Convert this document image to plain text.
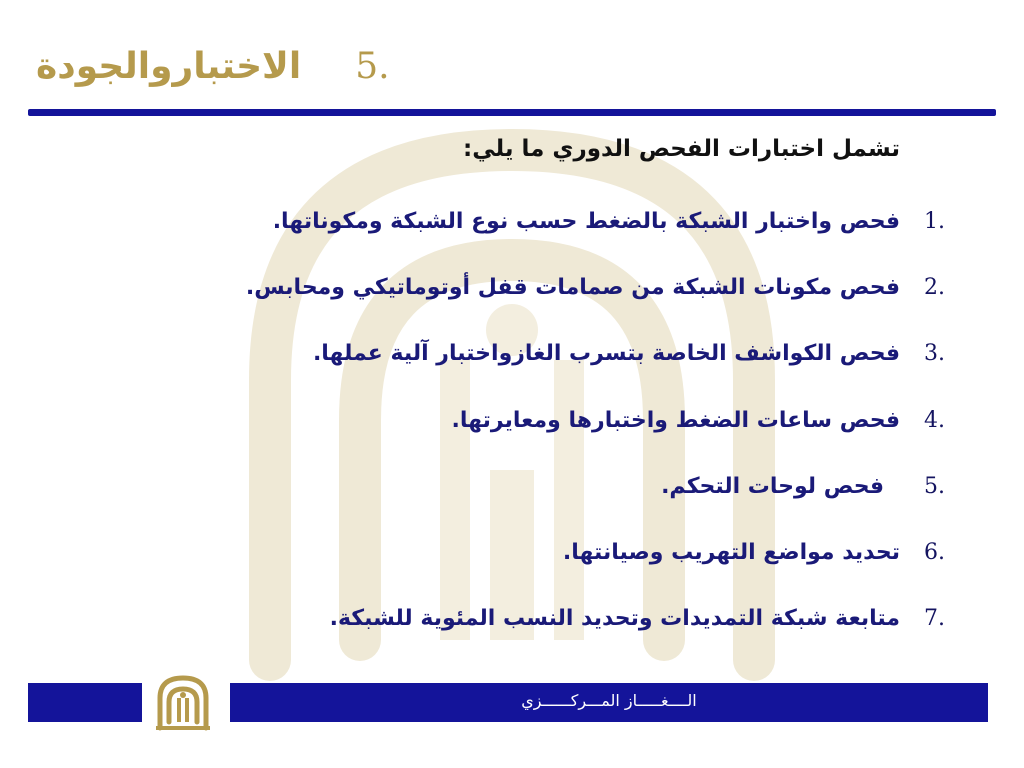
الاختباروالجودة 5.
تشمل اختبارات الفحص الدوري ما يلي:
1.
فحص واختبار الشبكة بالضغط حسب نوع الشبكة ومكوناتها.
2.
فحص مكونات الشبكة من صمامات قفل أوتوماتيكي ومحابس.
3.
فحص الكواشف الخاصة بتسرب الغازواختبار آلية عملها.
4.
فحص ساعات الضغط واختبارها ومعايرتها.
5.
فحص لوحات التحكم.
6.
تحديد مواضع التهريب وصيانتها.
7.
متابعة شبكة التمديدات وتحديد النسب المئوية للشبكة.
الــــغـــــاز المـــركــــــزي
